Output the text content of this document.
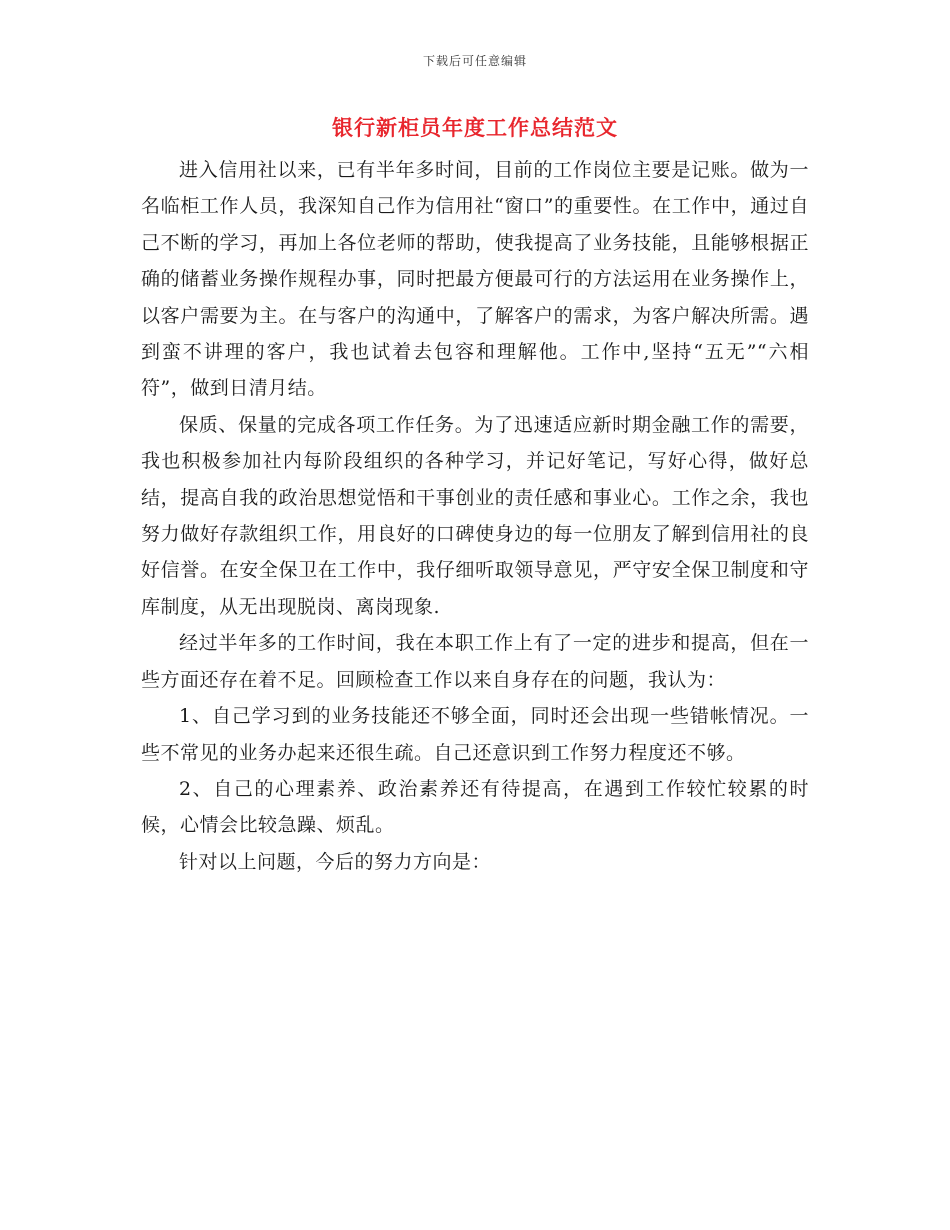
下载后可任意编辑
银行新柜员年度工作总结范文

进入信用社以来，已有半年多时间，目前的工作岗位主要是记账。做为一名临柜工作人员，我深知自己作为信用社“窗口”的重要性。在工作中，通过自己不断的学习，再加上各位老师的帮助，使我提高了业务技能，且能够根据正确的储蓄业务操作规程办事，同时把最方便最可行的方法运用在业务操作上，以客户需要为主。在与客户的沟通中，了解客户的需求，为客户解决所需。遇到蛮不讲理的客户，我也试着去包容和理解他。工作中,坚持“五无”“六相符”，做到日清月结。

保质、保量的完成各项工作任务。为了迅速适应新时期金融工作的需要，我也积极参加社内每阶段组织的各种学习，并记好笔记，写好心得，做好总结，提高自我的政治思想觉悟和干事创业的责任感和事业心。工作之余，我也努力做好存款组织工作，用良好的口碑使身边的每一位朋友了解到信用社的良好信誉。在安全保卫在工作中，我仔细听取领导意见，严守安全保卫制度和守库制度，从无出现脱岗、离岗现象.

经过半年多的工作时间，我在本职工作上有了一定的进步和提高，但在一些方面还存在着不足。回顾检查工作以来自身存在的问题，我认为：

1、自己学习到的业务技能还不够全面，同时还会出现一些错帐情况。一些不常见的业务办起来还很生疏。自己还意识到工作努力程度还不够。

2、自己的心理素养、政治素养还有待提高，在遇到工作较忙较累的时候，心情会比较急躁、烦乱。

针对以上问题，今后的努力方向是：
